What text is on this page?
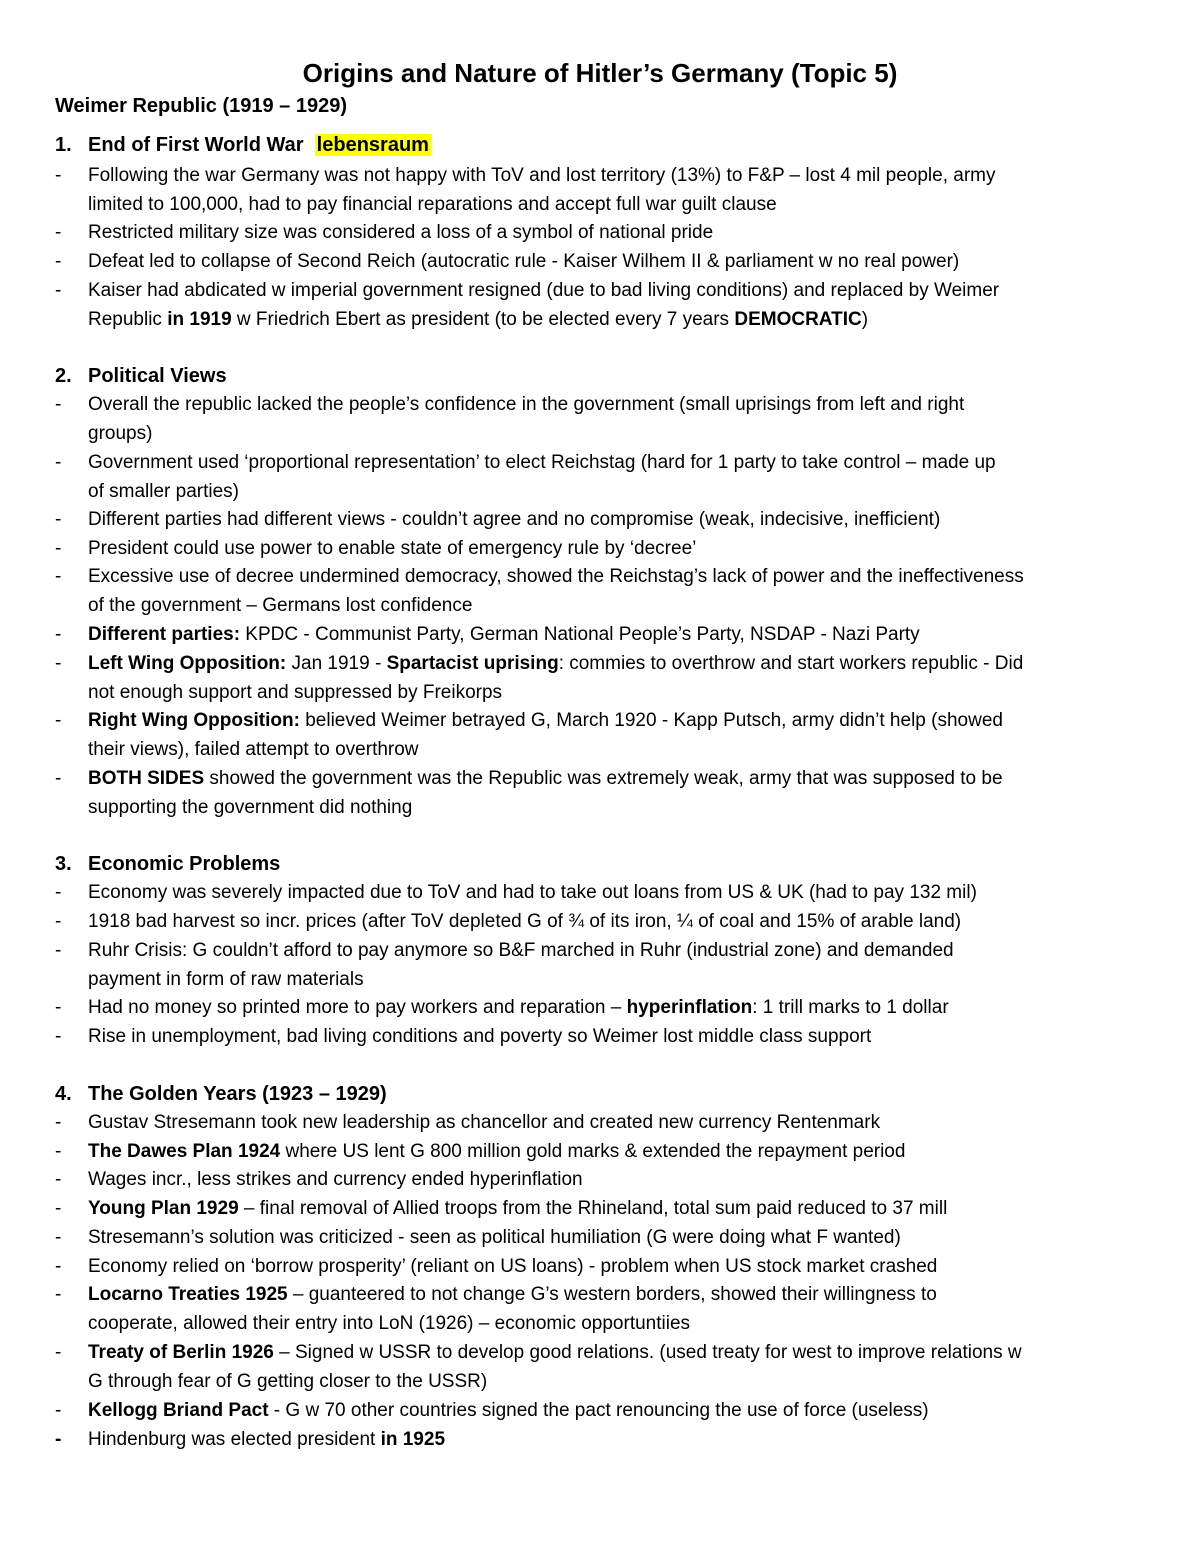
Origins and Nature of Hitler’s Germany (Topic 5)
Weimer Republic (1919 – 1929)
1. End of First World War lebensraum
-	Following the war Germany was not happy with ToV and lost territory (13%) to F&P – lost 4 mil people, army
limited to 100,000, had to pay financial reparations and accept full war guilt clause
-	Restricted military size was considered a loss of a symbol of national pride
-	Defeat led to collapse of Second Reich (autocratic rule - Kaiser Wilhem II & parliament w no real power)
-	Kaiser had abdicated w imperial government resigned (due to bad living conditions) and replaced by Weimer
Republic in 1919 w Friedrich Ebert as president (to be elected every 7 years DEMOCRATIC)
2. Political Views
-	Overall the republic lacked the people’s confidence in the government (small uprisings from left and right
groups)
-	Government used ‘proportional representation’ to elect Reichstag (hard for 1 party to take control – made up
of smaller parties)
-	Different parties had different views - couldn’t agree and no compromise (weak, indecisive, inefficient)
-	President could use power to enable state of emergency rule by ‘decree’
-	Excessive use of decree undermined democracy, showed the Reichstag’s lack of power and the ineffectiveness
of the government – Germans lost confidence
-	Different parties: KPDC - Communist Party, German National People’s Party, NSDAP - Nazi Party
-	Left Wing Opposition: Jan 1919 - Spartacist uprising: commies to overthrow and start workers republic - Did
not enough support and suppressed by Freikorps
-	Right Wing Opposition: believed Weimer betrayed G, March 1920 - Kapp Putsch, army didn’t help (showed
their views), failed attempt to overthrow
-	BOTH SIDES showed the government was the Republic was extremely weak, army that was supposed to be
supporting the government did nothing
3. Economic Problems
-	Economy was severely impacted due to ToV and had to take out loans from US & UK (had to pay 132 mil)
-	1918 bad harvest so incr. prices (after ToV depleted G of ¾ of its iron, ¼ of coal and 15% of arable land)
-	Ruhr Crisis: G couldn’t afford to pay anymore so B&F marched in Ruhr (industrial zone) and demanded
payment in form of raw materials
-	Had no money so printed more to pay workers and reparation – hyperinflation: 1 trill marks to 1 dollar
-	Rise in unemployment, bad living conditions and poverty so Weimer lost middle class support
4. The Golden Years (1923 – 1929)
-	Gustav Stresemann took new leadership as chancellor and created new currency Rentenmark
-	The Dawes Plan 1924 where US lent G 800 million gold marks & extended the repayment period
-	Wages incr., less strikes and currency ended hyperinflation
-	Young Plan 1929 – final removal of Allied troops from the Rhineland, total sum paid reduced to 37 mill
-	Stresemann’s solution was criticized - seen as political humiliation (G were doing what F wanted)
-	Economy relied on ‘borrow prosperity’ (reliant on US loans) - problem when US stock market crashed
-	Locarno Treaties 1925 – guanteered to not change G’s western borders, showed their willingness to
cooperate, allowed their entry into LoN (1926) – economic opportuntiies
-	Treaty of Berlin 1926 – Signed w USSR to develop good relations. (used treaty for west to improve relations w
G through fear of G getting closer to the USSR)
-	Kellogg Briand Pact - G w 70 other countries signed the pact renouncing the use of force (useless)
-	Hindenburg was elected president in 1925
